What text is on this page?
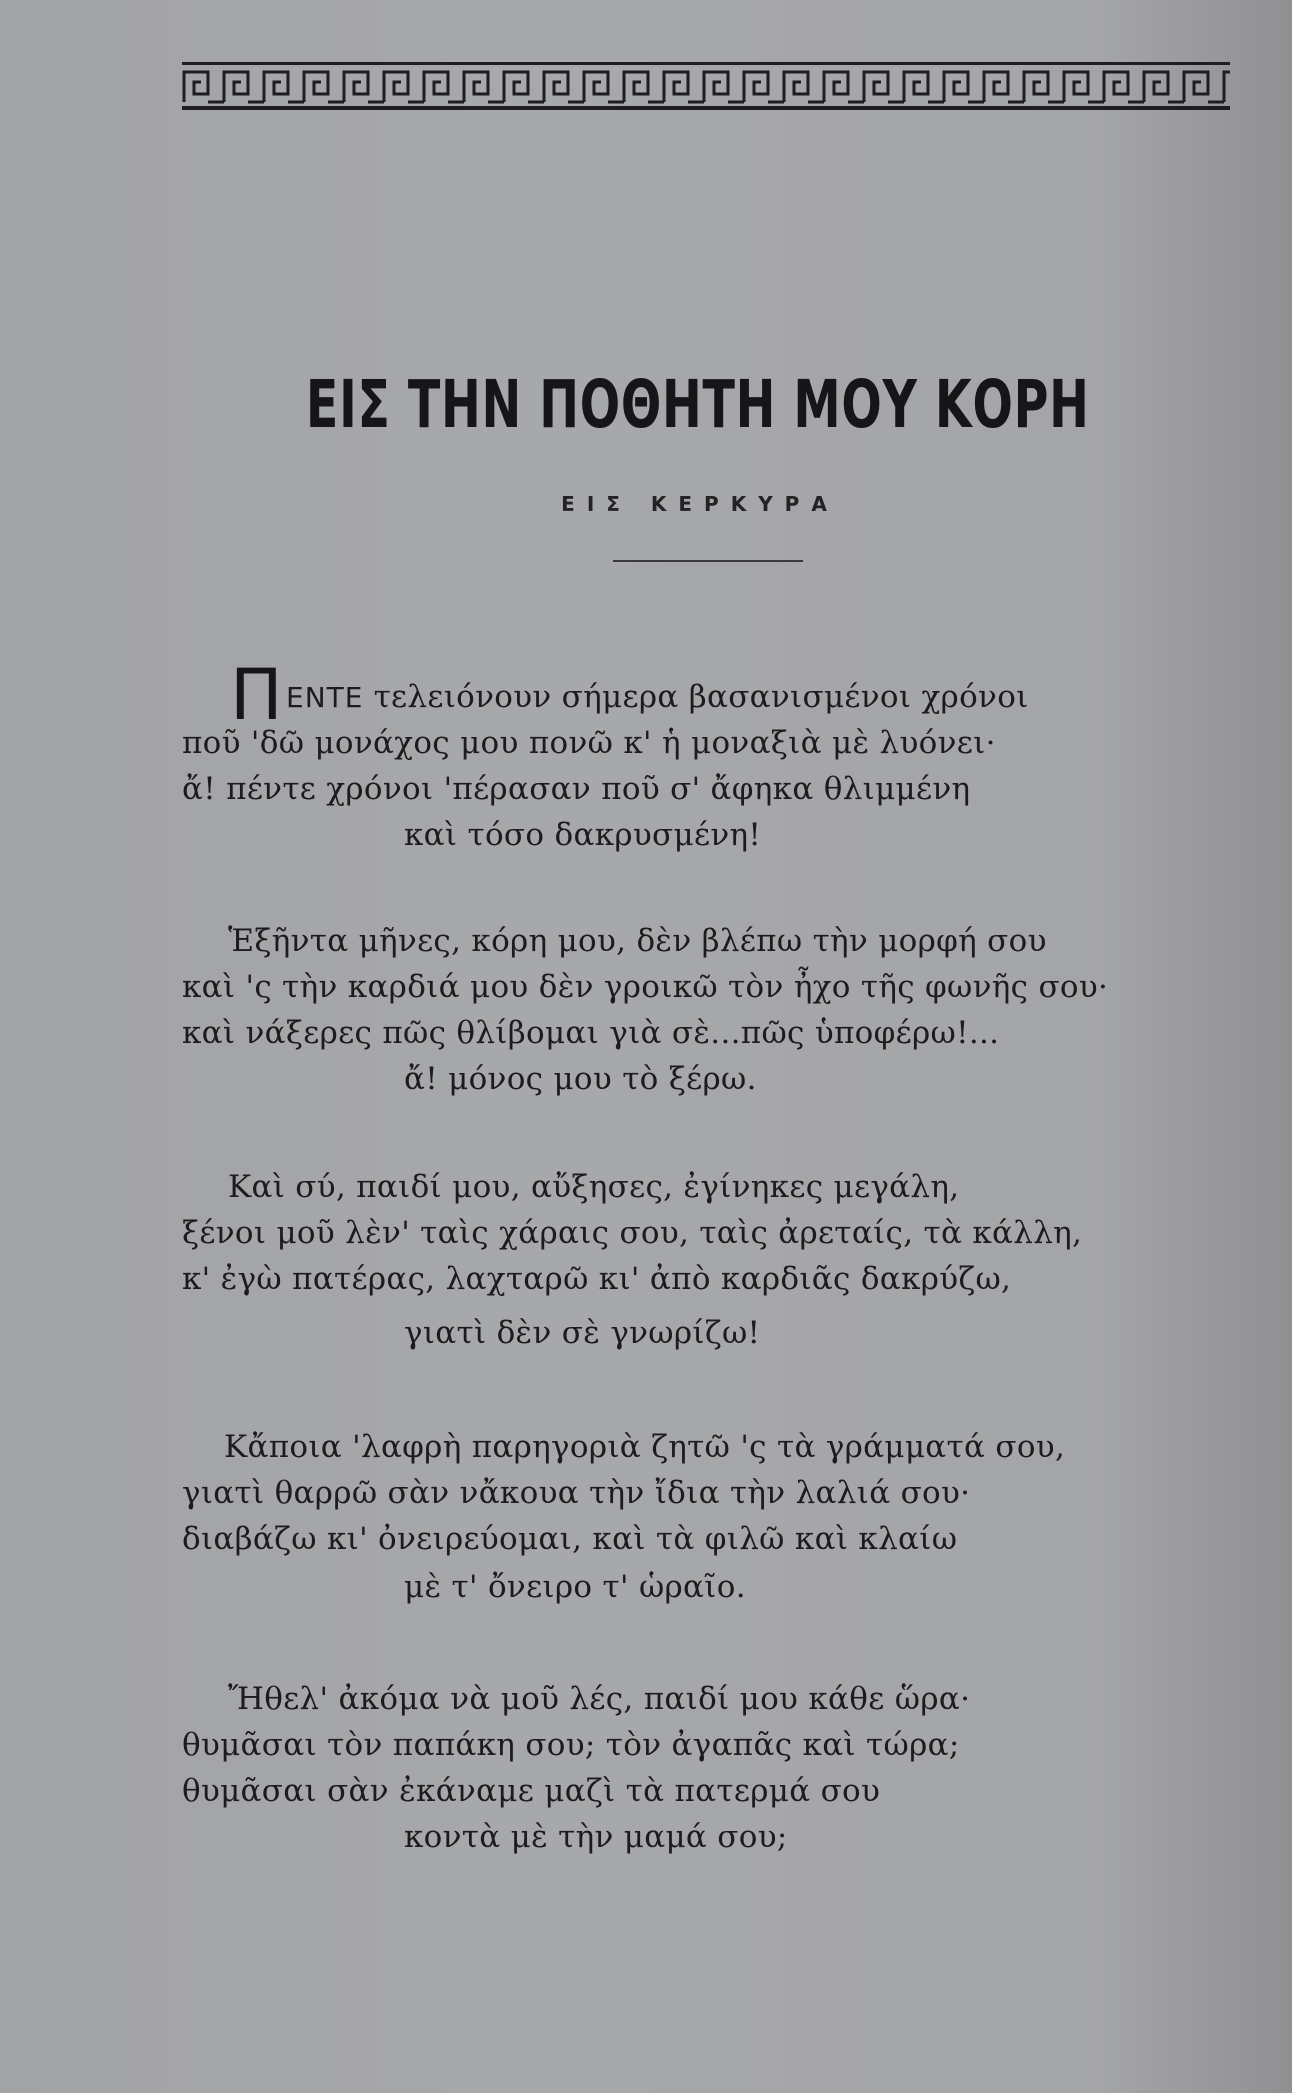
ΕΙΣ ΤΗΝ ΠΟΘΗΤΗ ΜΟΥ ΚΟΡΗ
ΕΙΣ ΚΕΡΚΥΡΑ
Π ΕΝΤΕ τελειόνουν σήμερα βασανισμένοι χρόνοι
ποῦ 'δῶ μονάχος μου πονῶ κ' ἡ μοναξιὰ μὲ λυόνει·
ἄ! πέντε χρόνοι 'πέρασαν ποῦ σ' ἄφηκα θλιμμένη
καὶ τόσο δακρυσμένη!
Ἑξῆντα μῆνες, κόρη μου, δὲν βλέπω τὴν μορφή σου
καὶ 'ς τὴν καρδιά μου δὲν γροικῶ τὸν ἦχο τῆς φωνῆς σου·
καὶ νάξερες πῶς θλίβομαι γιὰ σὲ...πῶς ὑποφέρω!...
ἄ! μόνος μου τὸ ξέρω.
Καὶ σύ, παιδί μου, αὔξησες, ἐγίνηκες μεγάλη,
ξένοι μοῦ λὲν' ταὶς χάραις σου, ταὶς ἀρεταίς, τὰ κάλλη,
κ' ἐγὼ πατέρας, λαχταρῶ κι' ἀπὸ καρδιᾶς δακρύζω,
γιατὶ δὲν σὲ γνωρίζω!
Κἄποια 'λαφρὴ παρηγοριὰ ζητῶ 'ς τὰ γράμματά σου,
γιατὶ θαρρῶ σὰν νἄκουα τὴν ἴδια τὴν λαλιά σου·
διαβάζω κι' ὀνειρεύομαι, καὶ τὰ φιλῶ καὶ κλαίω
μὲ τ' ὄνειρο τ' ὡραῖο.
Ἤθελ' ἀκόμα νὰ μοῦ λές, παιδί μου κάθε ὥρα·
θυμᾶσαι τὸν παπάκη σου; τὸν ἀγαπᾶς καὶ τώρα;
θυμᾶσαι σὰν ἐκάναμε μαζὶ τὰ πατερμά σου
κοντὰ μὲ τὴν μαμά σου;
